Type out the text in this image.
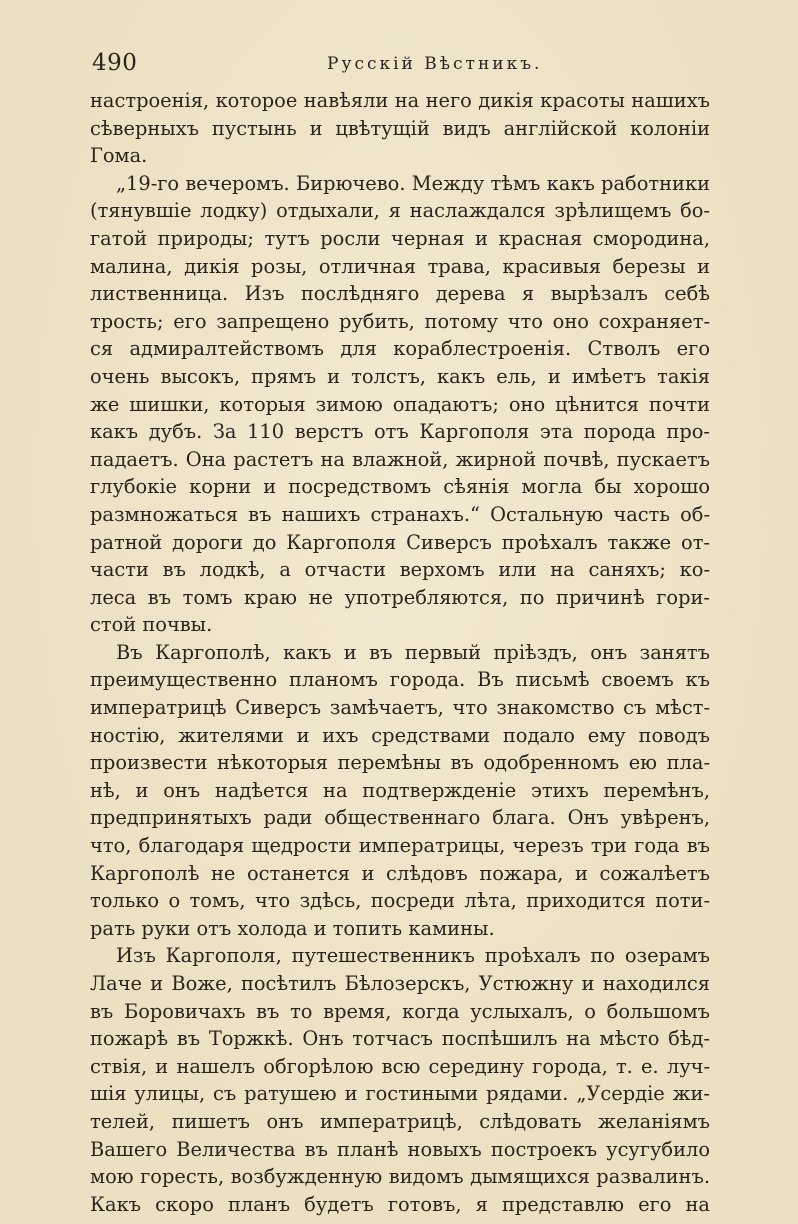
490	Русскій Вѣстникъ.
настроенія, которое навѣяли на него дикія красоты нашихъ
сѣверныхъ пустынь и цвѣтущій видъ англійской колоніи
Гома.
„19-го вечеромъ. Бирючево. Между тѣмъ какъ работники
(тянувшіе лодку) отдыхали, я наслаждался зрѣлищемъ бо-
гатой природы; тутъ росли черная и красная смородина,
малина, дикія розы, отличная трава, красивыя березы и
лиственница. Изъ послѣдняго дерева я вырѣзалъ себѣ
трость; его запрещено рубить, потому что оно сохраняет-
ся адмиралтействомъ для кораблестроенія. Стволъ его
очень высокъ, прямъ и толстъ, какъ ель, и имѣетъ такія
же шишки, которыя зимою опадаютъ; оно цѣнится почти
какъ дубъ. За 110 верстъ отъ Каргополя эта порода про-
падаетъ. Она растетъ на влажной, жирной почвѣ, пускаетъ
глубокіе корни и посредствомъ сѣянія могла бы хорошо
размножаться въ нашихъ странахъ.“ Остальную часть об-
ратной дороги до Каргополя Сиверсъ проѣхалъ также от-
части въ лодкѣ, а отчасти верхомъ или на саняхъ; ко-
леса въ томъ краю не употребляются, по причинѣ гори-
стой почвы.
Въ Каргополѣ, какъ и въ первый пріѣздъ, онъ занятъ
преимущественно планомъ города. Въ письмѣ своемъ къ
императрицѣ Сиверсъ замѣчаетъ, что знакомство съ мѣст-
ностію, жителями и ихъ средствами подало ему поводъ
произвести нѣкоторыя перемѣны въ одобренномъ ею пла-
нѣ, и онъ надѣется на подтвержденіе этихъ перемѣнъ,
предпринятыхъ ради общественнаго блага. Онъ увѣренъ,
что, благодаря щедрости императрицы, черезъ три года въ
Каргополѣ не останется и слѣдовъ пожара, и сожалѣетъ
только о томъ, что здѣсь, посреди лѣта, приходится поти-
рать руки отъ холода и топить камины.
Изъ Каргополя, путешественникъ проѣхалъ по озерамъ
Лаче и Воже, посѣтилъ Бѣлозерскъ, Устюжну и находился
въ Боровичахъ въ то время, когда услыхалъ, о большомъ
пожарѣ въ Торжкѣ. Онъ тотчасъ поспѣшилъ на мѣсто бѣд-
ствія, и нашелъ обгорѣлою всю середину города, т. е. луч-
шія улицы, съ ратушею и гостиными рядами. „Усердіе жи-
телей, пишетъ онъ императрицѣ, слѣдовать желаніямъ
Вашего Величества въ планѣ новыхъ построекъ усугубило
мою горесть, возбужденную видомъ дымящихся развалинъ.
Какъ скоро планъ будетъ готовъ, я представлю его на
